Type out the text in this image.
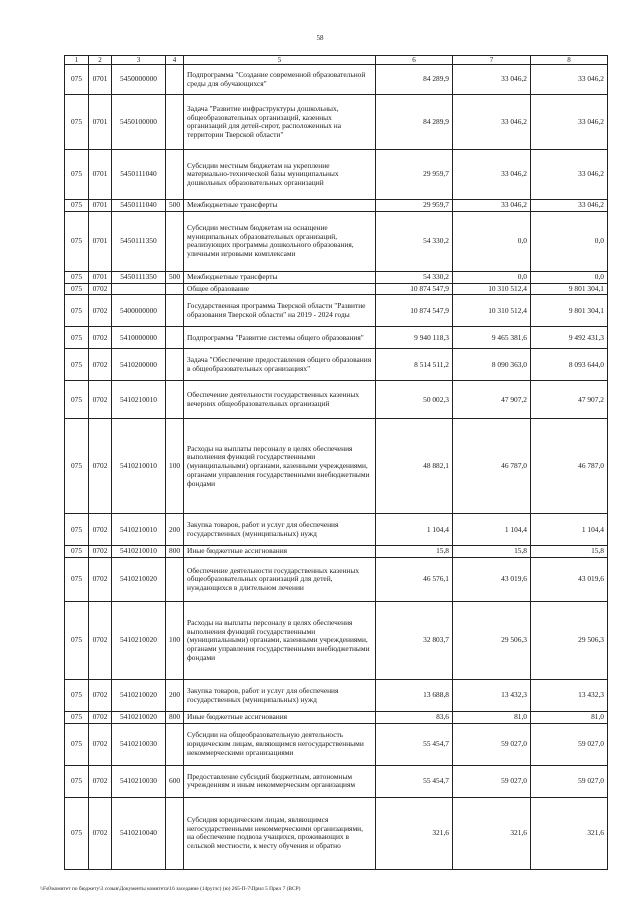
58
1	2	3	4	5	6	7	8
075	0701	5450000000		Подпрограмма "Создание современной образовательной среды для обучающихся"	84 289,9	33 046,2	33 046,2
075	0701	5450100000		Задача "Развитие инфраструктуры дошкольных, общеобразовательных организаций, казенных организаций для детей-сирот, расположенных на территории Тверской области"	84 289,9	33 046,2	33 046,2
075	0701	5450111040		Субсидии местным бюджетам на укрепление материально-технической базы муниципальных дошкольных образовательных организаций	29 959,7	33 046,2	33 046,2
075	0701	5450111040	500	Межбюджетные трансферты	29 959,7	33 046,2	33 046,2
075	0701	5450111350		Субсидии местным бюджетам на оснащение муниципальных образовательных организаций, реализующих программы дошкольного образования, уличными игровыми комплексами	54 330,2	0,0	0,0
075	0701	5450111350	500	Межбюджетные трансферты	54 330,2	0,0	0,0
075	0702			Общее образование	10 874 547,9	10 310 512,4	9 801 304,1
075	0702	5400000000		Государственная программа Тверской области "Развитие образования Тверской области" на 2019 - 2024 годы	10 874 547,9	10 310 512,4	9 801 304,1
075	0702	5410000000		Подпрограмма "Развитие системы общего образования"	9 940 118,3	9 465 381,6	9 492 431,3
075	0702	5410200000		Задача "Обеспечение предоставления общего образования в общеобразовательных организациях"	8 514 511,2	8 090 363,0	8 093 644,0
075	0702	5410210010		Обеспечение деятельности государственных казенных вечерних общеобразовательных организаций	50 002,3	47 907,2	47 907,2
075	0702	5410210010	100	Расходы на выплаты персоналу в целях обеспечения выполнения функций государственными (муниципальными) органами, казенными учреждениями, органами управления государственными внебюджетными фондами	48 882,1	46 787,0	46 787,0
075	0702	5410210010	200	Закупка товаров, работ и услуг для обеспечения государственных (муниципальных) нужд	1 104,4	1 104,4	1 104,4
075	0702	5410210010	800	Иные бюджетные ассигнования	15,8	15,8	15,8
075	0702	5410210020		Обеспечение деятельности государственных казенных общеобразовательных организаций для детей, нуждающихся в длительном лечении	46 576,1	43 019,6	43 019,6
075	0702	5410210020	100	Расходы на выплаты персоналу в целях обеспечения выполнения функций государственными (муниципальными) органами, казенными учреждениями, органами управления государственными внебюджетными фондами	32 803,7	29 506,3	29 506,3
075	0702	5410210020	200	Закупка товаров, работ и услуг для обеспечения государственных (муниципальных) нужд	13 688,8	13 432,3	13 432,3
075	0702	5410210020	800	Иные бюджетные ассигнования	83,6	81,0	81,0
075	0702	5410210030		Субсидии на общеобразовательную деятельность юридическим лицам, являющимся негосударственными некоммерческими организациями	55 454,7	59 027,0	59 027,0
075	0702	5410210030	600	Предоставление субсидий бюджетным, автономным учреждениям и иным некоммерческим организациям	55 454,7	59 027,0	59 027,0
075	0702	5410210040		Субсидия юридическим лицам, являющимся негосударственными некоммерческими организациями, на обеспечение подвоза учащихся, проживающих в сельской местности, к месту обучения и обратно	321,6	321,6	321,6
\\Fs0\комитет по бюджету\3 созыв\Документы комитета\16 заседание (14руглс) (ю) 265-П-7\Прил 5 Прил 7 (ВСР)
